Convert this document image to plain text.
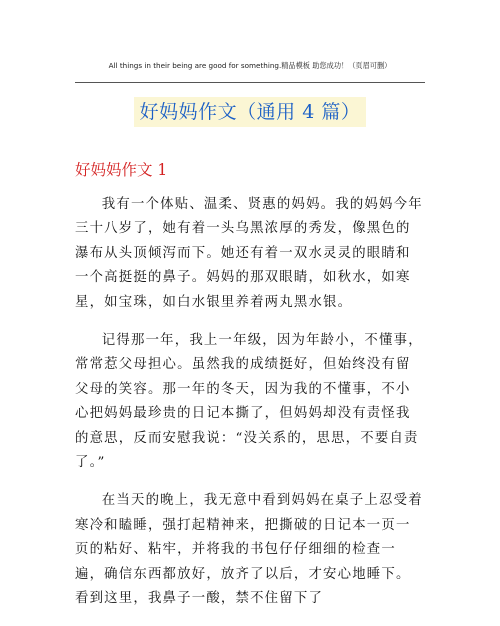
All things in their being are good for something.精品模板 助您成功！（页眉可删）
好妈妈作文（通用 4 篇）
好妈妈作文 1

我有一个体贴、温柔、贤惠的妈妈。我的妈妈今年三十八岁了，她有着一头乌黑浓厚的秀发，像黑色的瀑布从头顶倾泻而下。她还有着一双水灵灵的眼睛和一个高挺挺的鼻子。妈妈的那双眼睛，如秋水，如寒星，如宝珠，如白水银里养着两丸黑水银。

记得那一年，我上一年级，因为年龄小，不懂事，常常惹父母担心。虽然我的成绩挺好，但始终没有留父母的笑容。那一年的冬天，因为我的不懂事，不小心把妈妈最珍贵的日记本撕了，但妈妈却没有责怪我的意思，反而安慰我说：“没关系的，思思，不要自责了。”

在当天的晚上，我无意中看到妈妈在桌子上忍受着寒冷和瞌睡，强打起精神来，把撕破的日记本一页一页的粘好、粘牢，并将我的书包仔仔细细的检查一遍，确信东西都放好，放齐了以后，才安心地睡下。看到这里，我鼻子一酸，禁不住留下了
